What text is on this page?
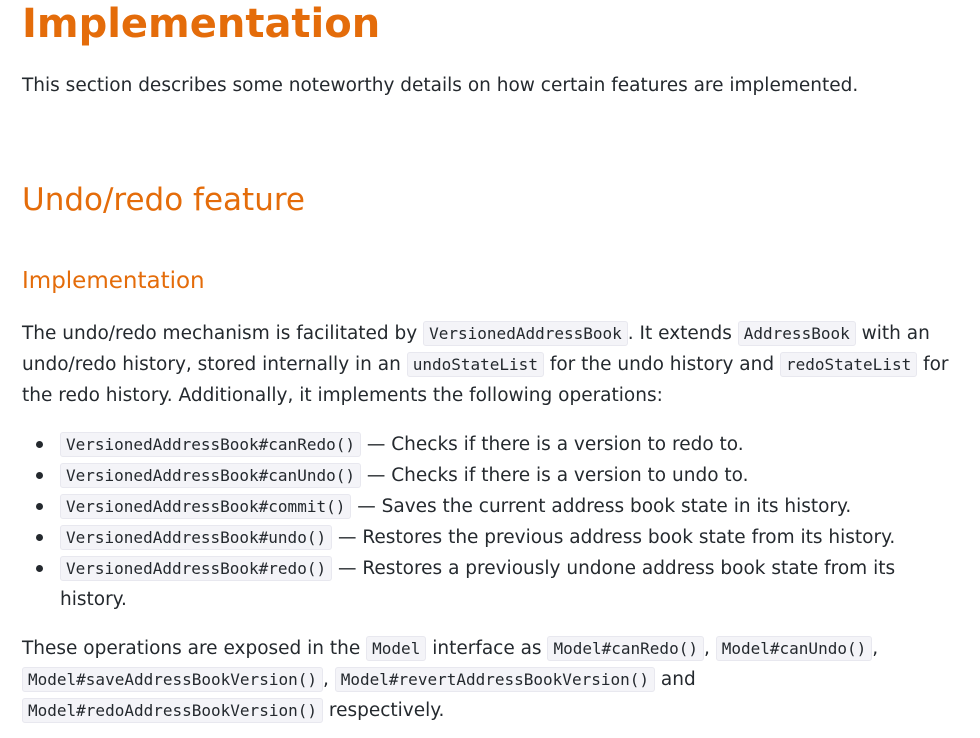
Implementation

This section describes some noteworthy details on how certain features are implemented.

Undo/redo feature
Implementation
The undo/redo mechanism is facilitated by VersionedAddressBook . It extends AddressBook with an
undo/redo history, stored internally in an undoStateList for the undo history and redoStateList for
the redo history. Additionally, it implements the following operations:
VersionedAddressBook#canRedo() — Checks if there is a version to redo to.
VersionedAddressBook#canUndo() — Checks if there is a version to undo to.
VersionedAddressBook#commit() — Saves the current address book state in its history.
VersionedAddressBook#undo() — Restores the previous address book state from its history.
VersionedAddressBook#redo() — Restores a previously undone address book state from its
history.
These operations are exposed in the Model interface as Model#canRedo() , Model#canUndo() ,
Model#saveAddressBookVersion() , Model#revertAddressBookVersion() and
Model#redoAddressBookVersion() respectively.
